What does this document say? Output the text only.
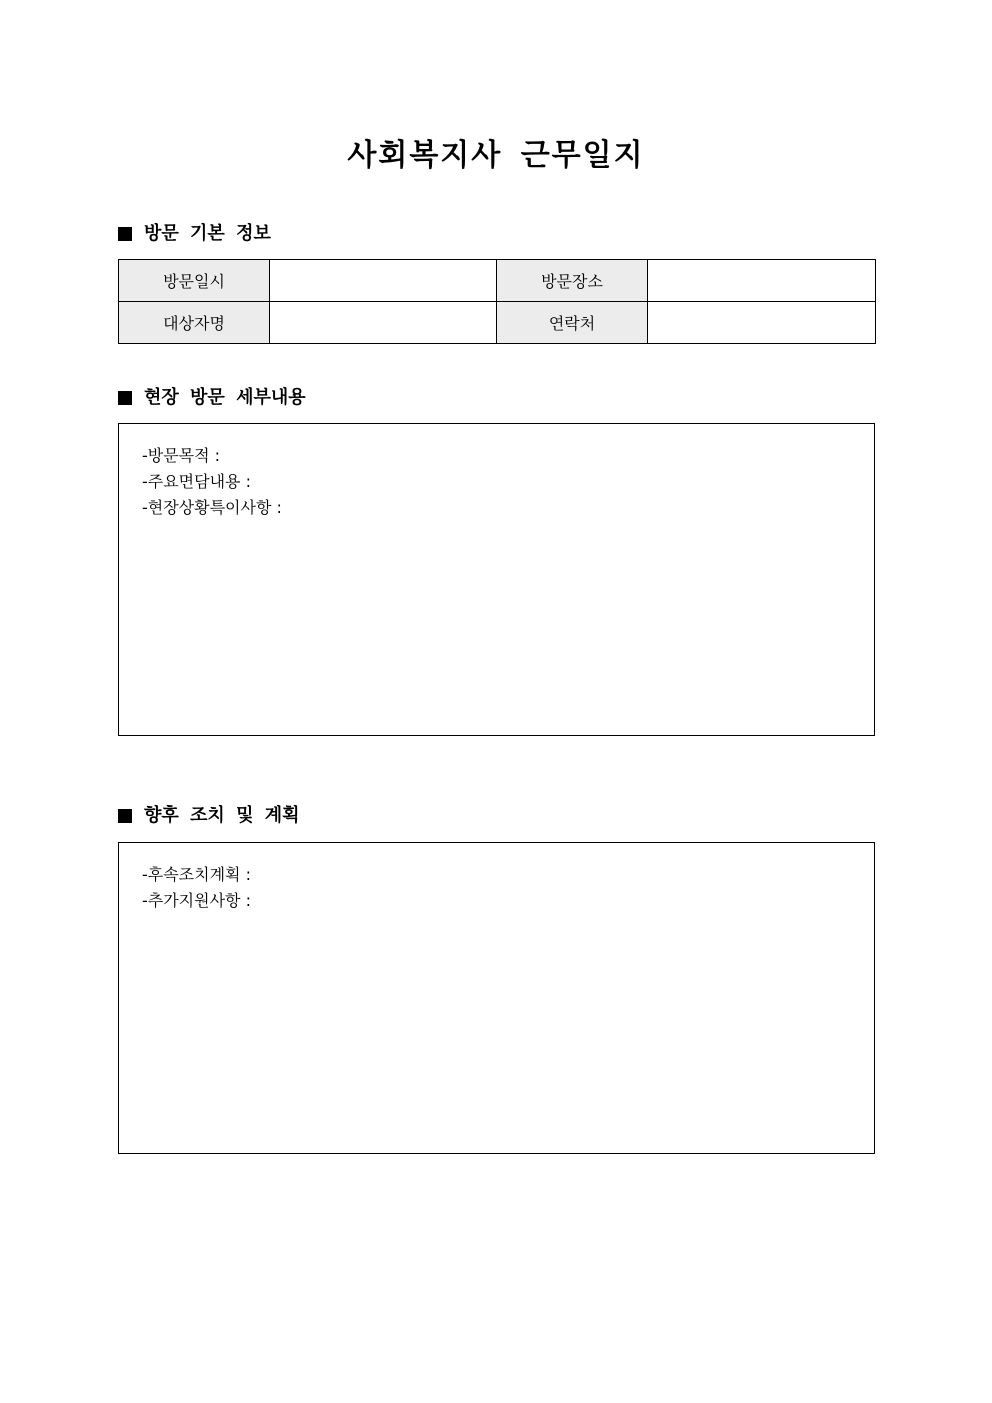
사회복지사 근무일지
방문 기본 정보
방문일시		방문장소	
대상자명		연락처	
현장 방문 세부내용
-방문목적 :
-주요면담내용 :
-현장상황특이사항 :
향후 조치 및 계획
-후속조치계획 :
-추가지원사항 :
